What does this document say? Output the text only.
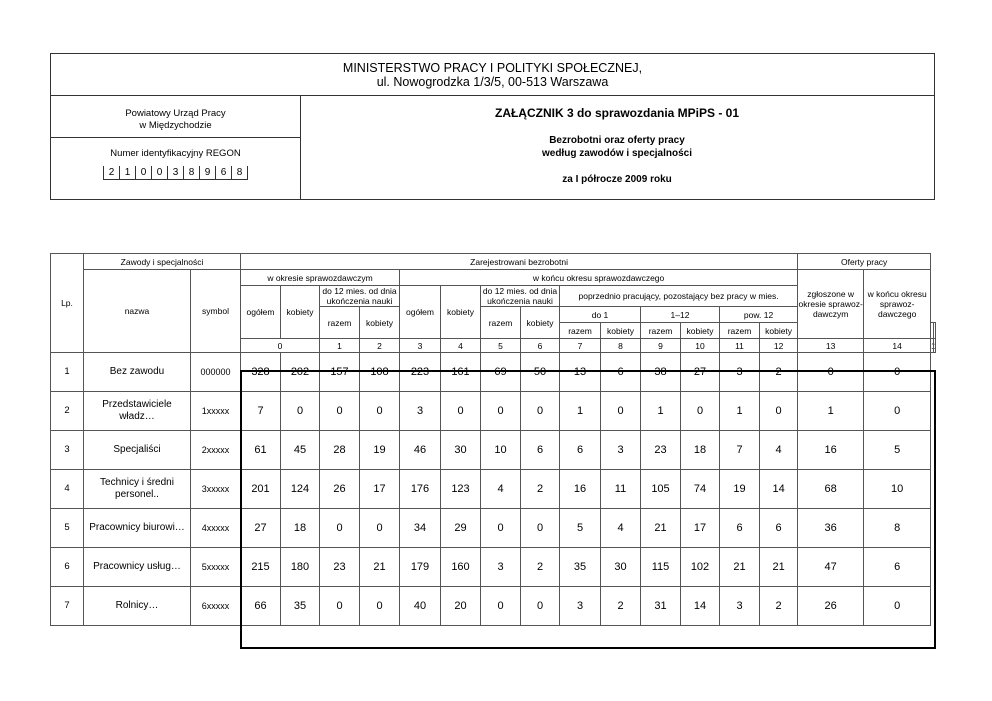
MINISTERSTWO PRACY I POLITYKI SPOŁECZNEJ,
ul. Nowogrodzka 1/3/5, 00-513 Warszawa
Powiatowy Urząd Pracy
w Międzychodzie
Numer identyfikacyjny REGON
2	1	0	0	3	8	9	6	8
ZAŁĄCZNIK 3 do sprawozdania MPiPS - 01
Bezrobotni oraz oferty pracy
według zawodów i specjalności
za I półrocze 2009 roku
Lp.	Zawody i specjalności		Zarejestrowani bezrobotni														Oferty pracy			
	nazwa	symbol	w okresie sprawozdawczym				w końcu okresu sprawozdawczego										zgłoszone w okresie sprawoz-dawczym	w końcu okresu sprawoz-dawczego		
			ogółem	kobiety	do 12 mies. od dnia ukończenia nauki		ogółem	kobiety	do 12 mies. od dnia ukończenia nauki		poprzednio pracujący, pozostający bez pracy w mies.									
					razem	kobiety			razem	kobiety	do 1		1–12		pow. 12					
											razem	kobiety	razem	kobiety	razem	kobiety				
			0		1	2	3	4	5	6	7	8	9	10	11	12	13	14		
1	Bez zawodu	000000	328	202	157	108	223	161	69	50	13	6	38	27	3	2	0	0		
2	Przedstawiciele władz…	1xxxxx	7	0	0	0	3	0	0	0	1	0	1	0	1	0	1	0		
3	Specjaliści	2xxxxx	61	45	28	19	46	30	10	6	6	3	23	18	7	4	16	5		
4	Technicy i średni personel..	3xxxxx	201	124	26	17	176	123	4	2	16	11	105	74	19	14	68	10		
5	Pracownicy biurowi…	4xxxxx	27	18	0	0	34	29	0	0	5	4	21	17	6	6	36	8		
6	Pracownicy usług…	5xxxxx	215	180	23	21	179	160	3	2	35	30	115	102	21	21	47	6		
7	Rolnicy…	6xxxxx	66	35	0	0	40	20	0	0	3	2	31	14	3	2	26	0		
